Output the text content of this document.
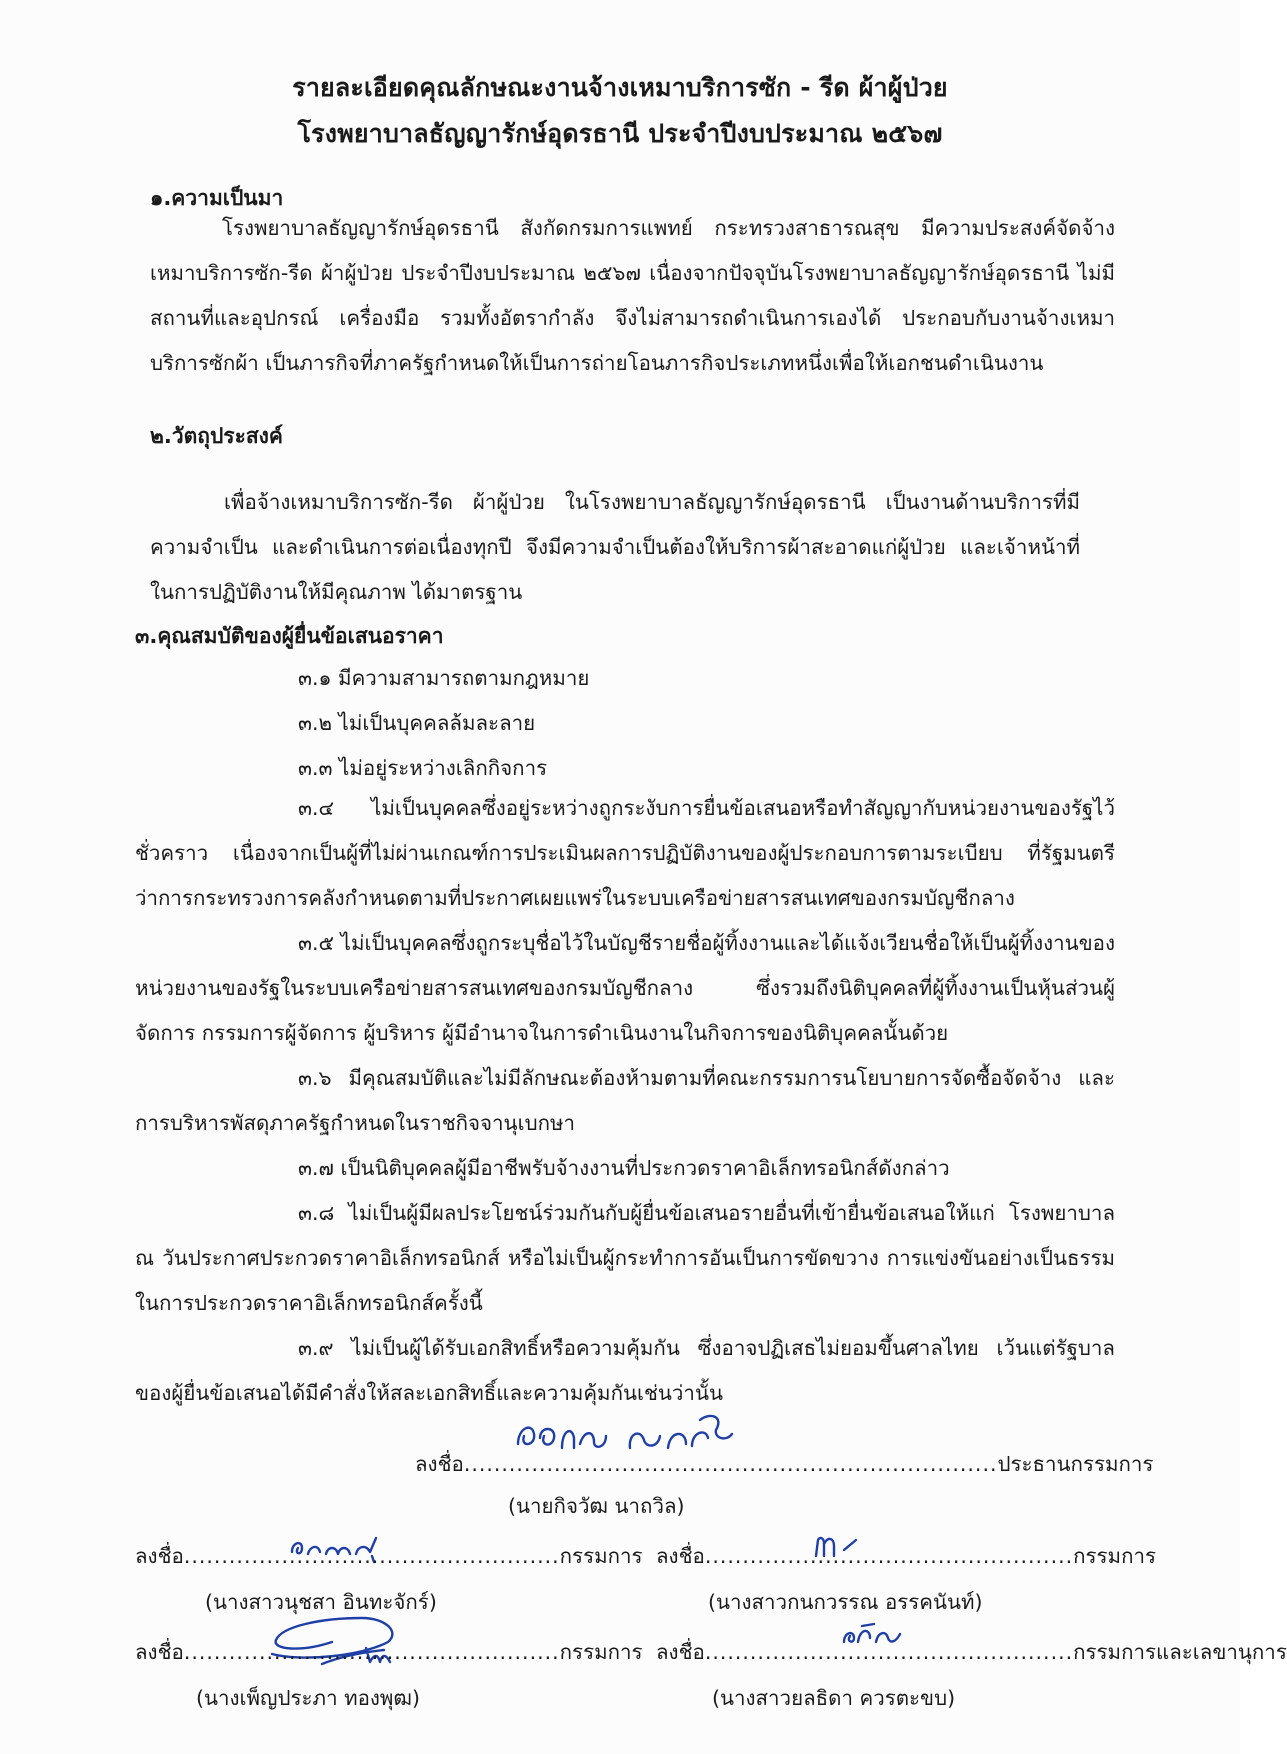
รายละเอียดคุณลักษณะงานจ้างเหมาบริการซัก - รีด ผ้าผู้ป่วย
โรงพยาบาลธัญญารักษ์อุดรธานี ประจำปีงบประมาณ ๒๕๖๗
๑.ความเป็นมา

โรงพยาบาลธัญญารักษ์อุดรธานี สังกัดกรมการแพทย์ กระทรวงสาธารณสุข มีความประสงค์จัดจ้างเหมาบริการซัก-รีด ผ้าผู้ป่วย ประจำปีงบประมาณ ๒๕๖๗ เนื่องจากปัจจุบันโรงพยาบาลธัญญารักษ์อุดรธานี ไม่มีสถานที่และอุปกรณ์ เครื่องมือ รวมทั้งอัตรากำลัง จึงไม่สามารถดำเนินการเองได้ ประกอบกับงานจ้างเหมาบริการซักผ้า เป็นภารกิจที่ภาครัฐกำหนดให้เป็นการถ่ายโอนภารกิจประเภทหนึ่งเพื่อให้เอกชนดำเนินงาน

๒.วัตถุประสงค์

เพื่อจ้างเหมาบริการซัก-รีด ผ้าผู้ป่วย ในโรงพยาบาลธัญญารักษ์อุดรธานี เป็นงานด้านบริการที่มีความจำเป็น และดำเนินการต่อเนื่องทุกปี จึงมีความจำเป็นต้องให้บริการผ้าสะอาดแก่ผู้ป่วย และเจ้าหน้าที่ในการปฏิบัติงานให้มีคุณภาพ ได้มาตรฐาน

๓.คุณสมบัติของผู้ยื่นข้อเสนอราคา
๓.๑ มีความสามารถตามกฎหมาย
๓.๒ ไม่เป็นบุคคลล้มละลาย
๓.๓ ไม่อยู่ระหว่างเลิกกิจการ

๓.๔ ไม่เป็นบุคคลซึ่งอยู่ระหว่างถูกระงับการยื่นข้อเสนอหรือทำสัญญากับหน่วยงานของรัฐไว้ชั่วคราว เนื่องจากเป็นผู้ที่ไม่ผ่านเกณฑ์การประเมินผลการปฏิบัติงานของผู้ประกอบการตามระเบียบ ที่รัฐมนตรีว่าการกระทรวงการคลังกำหนดตามที่ประกาศเผยแพร่ในระบบเครือข่ายสารสนเทศของกรมบัญชีกลาง

๓.๕ ไม่เป็นบุคคลซึ่งถูกระบุชื่อไว้ในบัญชีรายชื่อผู้ทิ้งงานและได้แจ้งเวียนชื่อให้เป็นผู้ทิ้งงานของหน่วยงานของรัฐในระบบเครือข่ายสารสนเทศของกรมบัญชีกลาง ซึ่งรวมถึงนิติบุคคลที่ผู้ทิ้งงานเป็นหุ้นส่วนผู้จัดการ กรรมการผู้จัดการ ผู้บริหาร ผู้มีอำนาจในการดำเนินงานในกิจการของนิติบุคคลนั้นด้วย

๓.๖ มีคุณสมบัติและไม่มีลักษณะต้องห้ามตามที่คณะกรรมการนโยบายการจัดซื้อจัดจ้าง และการบริหารพัสดุภาครัฐกำหนดในราชกิจจานุเบกษา

๓.๗ เป็นนิติบุคคลผู้มีอาชีพรับจ้างงานที่ประกวดราคาอิเล็กทรอนิกส์ดังกล่าว

๓.๘ ไม่เป็นผู้มีผลประโยชน์ร่วมกันกับผู้ยื่นข้อเสนอรายอื่นที่เข้ายื่นข้อเสนอให้แก่ โรงพยาบาล ณ วันประกาศประกวดราคาอิเล็กทรอนิกส์ หรือไม่เป็นผู้กระทำการอันเป็นการขัดขวาง การแข่งขันอย่างเป็นธรรม ในการประกวดราคาอิเล็กทรอนิกส์ครั้งนี้

๓.๙ ไม่เป็นผู้ได้รับเอกสิทธิ์หรือความคุ้มกัน ซึ่งอาจปฏิเสธไม่ยอมขึ้นศาลไทย เว้นแต่รัฐบาลของผู้ยื่นข้อเสนอได้มีคำสั่งให้สละเอกสิทธิ์และความคุ้มกันเช่นว่านั้น

ลงชื่อ.......................................................................ประธานกรรมการ
(นายกิจวัฒ นาถวิล)
ลงชื่อ..................................................กรรมการ
(นางสาวนุชสา อินทะจักร์)
ลงชื่อ.................................................กรรมการ
(นางสาวกนกวรรณ อรรคนันท์)
ลงชื่อ..................................................กรรมการ
(นางเพ็ญประภา ทองพุฒ)
ลงชื่อ.................................................กรรมการและเลขานุการ
(นางสาวยลธิดา ควรตะขบ)
